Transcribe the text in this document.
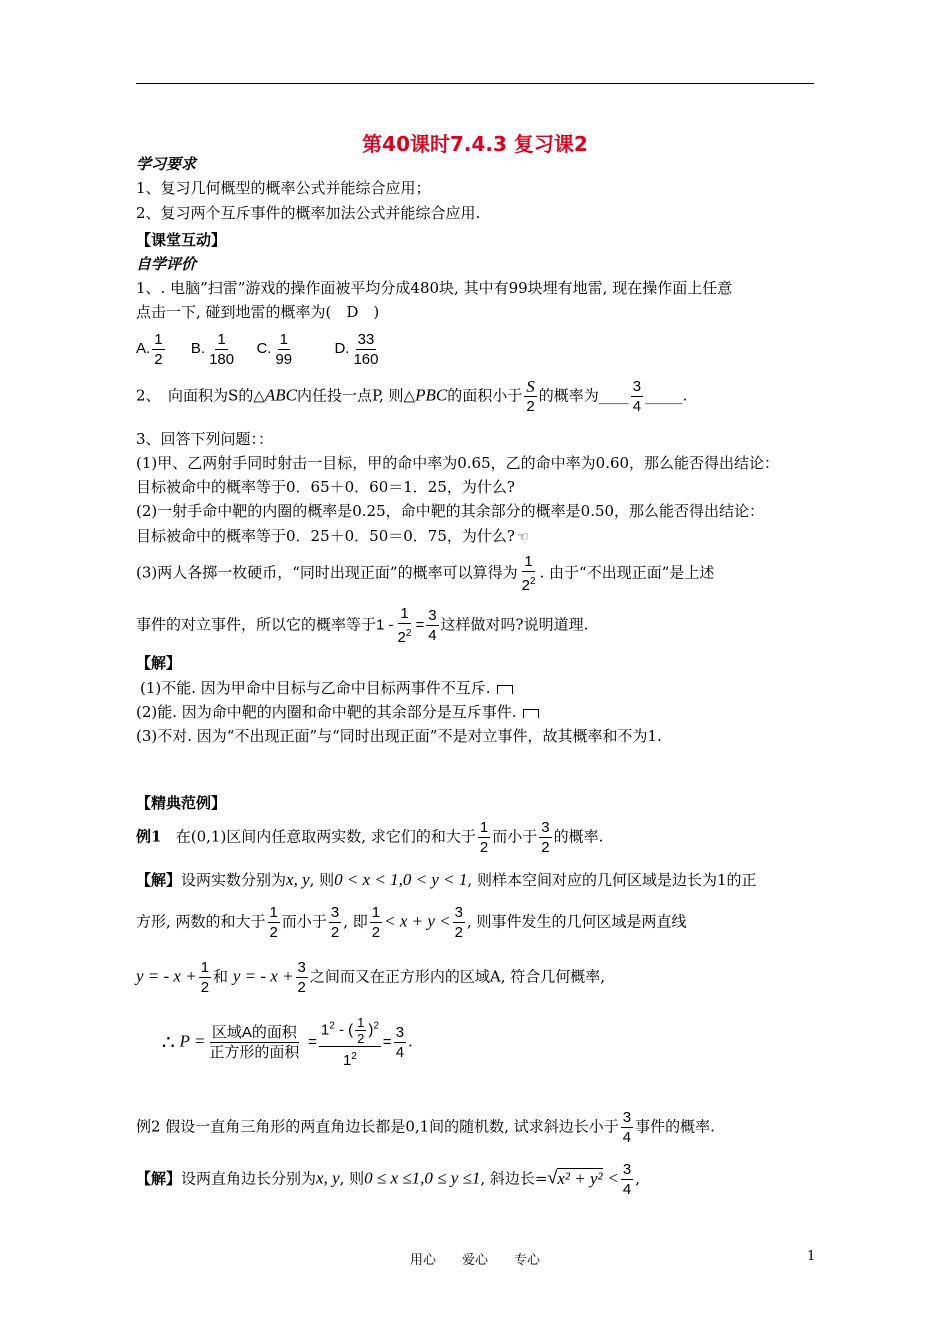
第40课时7.4.3 复习课2
学习要求
1、复习几何概型的概率公式并能综合应用；
2、复习两个互斥事件的概率加法公式并能综合应用.
【课堂互动】
自学评价
1、. 电脑”扫雷”游戏的操作面被平均分成480块, 其中有99块埋有地雷, 现在操作面上任意
点击一下, 碰到地雷的概率为(　D　)
A. $\frac{1}{2} B$. $\frac{1}{180} C$. $\frac{1}{99}$	D. $\frac{33}{160}$
2、　向面积为S的△ABC内任投一点P, 则△PBC的面积小于 $\frac{S}{2}$ 的概率为____ $\frac{3}{4}$ _____.
3、回答下列问题：：
(1)甲、乙两射手同时射击一目标，甲的命中率为0.65，乙的命中率为0.60，那么能否得出结论：
目标被命中的概率等于0．65＋0．60＝1．25，为什么?
(2)一射手命中靶的内圈的概率是0.25，命中靶的其余部分的概率是0.50，那么能否得出结论：
目标被命中的概率等于0．25＋0．50＝0．75，为什么? ☜
(3)两人各掷一枚硬币，“同时出现正面”的概率可以算得为 $\frac{1}{2^2}$ . 由于“不出现正面”是上述
事件的对立事件，所以它的概率等于$1 - \frac{1}{2^2} = \frac{3}{4}$ 这样做对吗?说明道理.
【解】
(1)不能. 因为甲命中目标与乙命中目标两事件不互斥.
(2)能. 因为命中靶的内圈和命中靶的其余部分是互斥事件.
(3)不对. 因为“不出现正面”与“同时出现正面”不是对立事件，故其概率和不为1.
【精典范例】
例1 在(0,1)区间内任意取两实数, 求它们的和大于 $\frac{1}{2}$ 而小于 $\frac{3}{2}$ 的概率.
【解】设两实数分别为x, y, 则0 < x < 1,0 < y < 1, 则样本空间对应的几何区域是边长为1的正
方形, 两数的和大于 $\frac{1}{2}$ 而小于 $\frac{3}{2}$ , 即 $\frac{1}{2} < x + y < \frac{3}{2}$ , 则事件发生的几何区域是两直线
y = - $x + \frac{1}{2}$ 和 y = - $x + \frac{3}{2}$ 之间而又在正方形内的区域A, 符合几何概率,
∴ $P = \frac{\text{区域A的面积}}{\text{正方形的面积}} = \frac{1^2 - ( \frac{1}{2} )^2}{1^2} = \frac{3}{4}$ .
例2 假设一直角三角形的两直角边长都是0,1间的随机数, 试求斜边长小于 $\frac{3}{4}$ 事件的概率.
【解】设两直角边长分别为x, y, 则0 ≤ x ≤1,0 ≤ y ≤1, 斜边长$=√x^2 + y^2 < \frac{3}{4}$ ,
用心　　爱心　　专心	1
